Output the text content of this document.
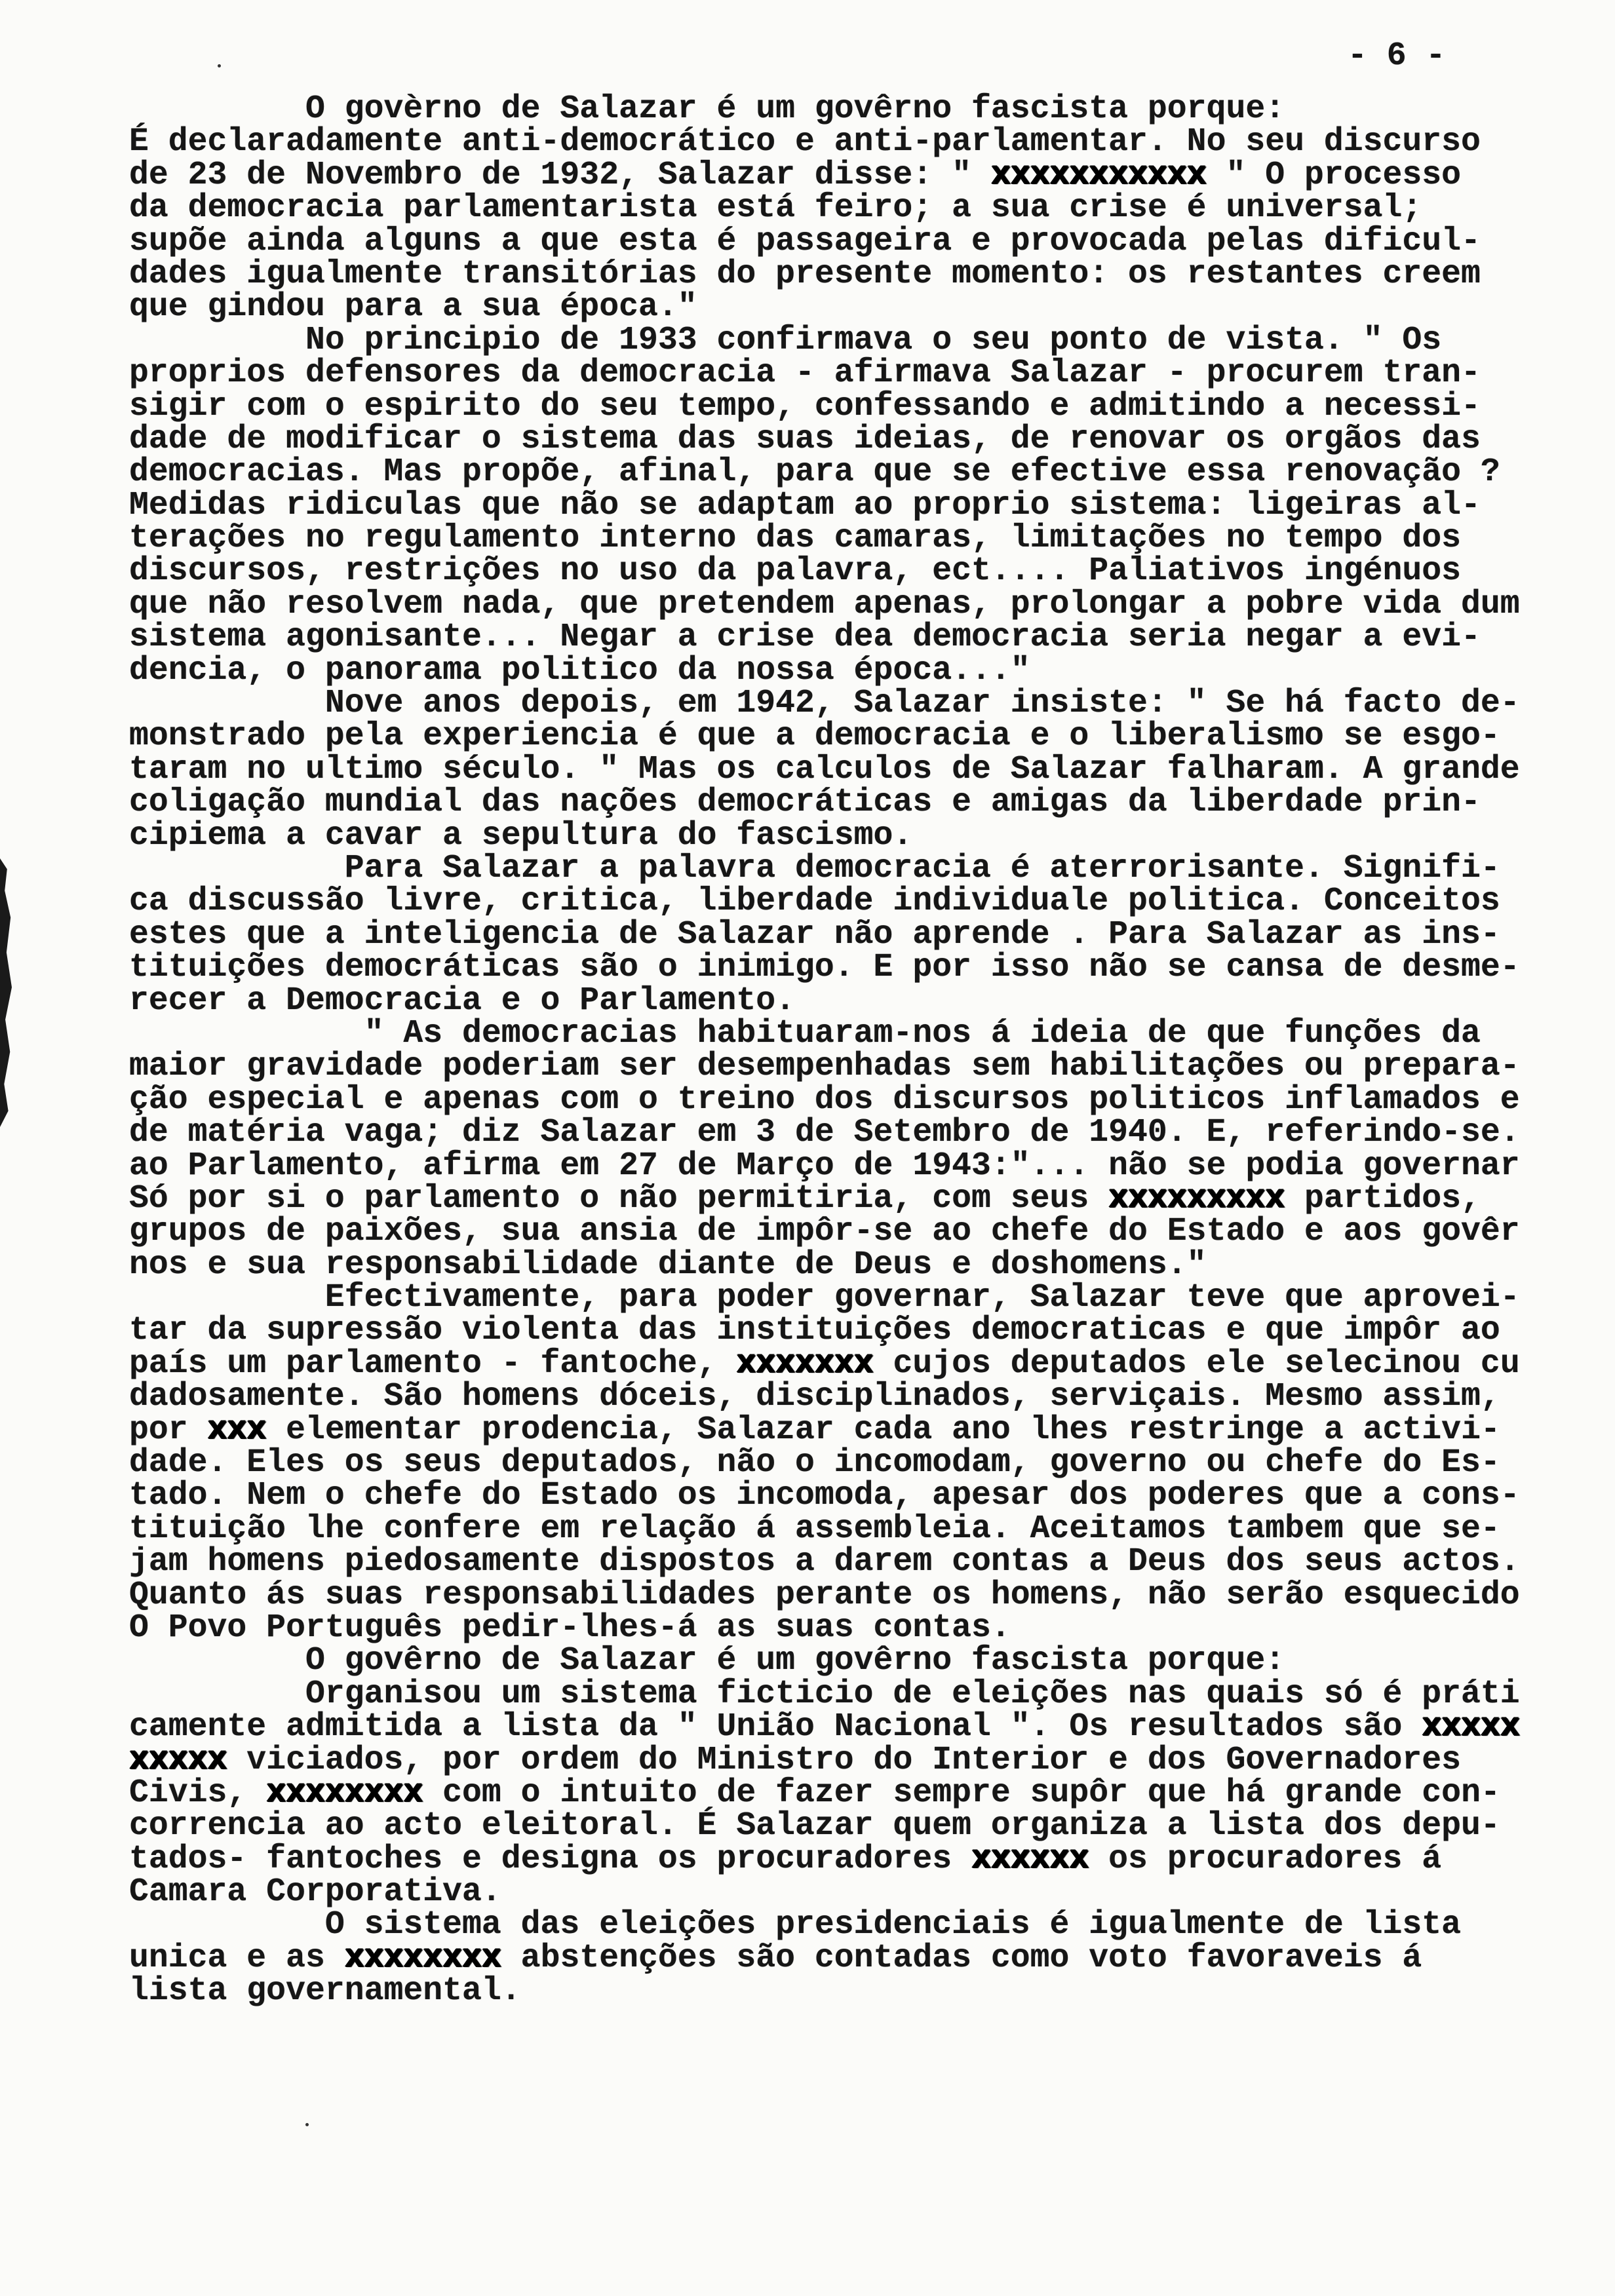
- 6 -
O govèrno de Salazar é um govêrno fascista porque:
É declaradamente anti-democrático e anti-parlamentar. No seu discurso
de 23 de Novembro de 1932, Salazar disse: " xxxxxxxxxxx " O processo
da democracia parlamentarista está feiro; a sua crise é universal;
supõe ainda alguns a que esta é passageira e provocada pelas dificul-
dades igualmente transitórias do presente momento: os restantes creem
que gindou para a sua época."
No principio de 1933 confirmava o seu ponto de vista. " Os
proprios defensores da democracia - afirmava Salazar - procurem tran-
sigir com o espirito do seu tempo, confessando e admitindo a necessi-
dade de modificar o sistema das suas ideias, de renovar os orgãos das
democracias. Mas propõe, afinal, para que se efective essa renovação ?
Medidas ridiculas que não se adaptam ao proprio sistema: ligeiras al-
terações no regulamento interno das camaras, limitações no tempo dos
discursos, restrições no uso da palavra, ect.... Paliativos ingénuos
que não resolvem nada, que pretendem apenas, prolongar a pobre vida dum
sistema agonisante... Negar a crise dea democracia seria negar a evi-
dencia, o panorama politico da nossa época..."
Nove anos depois, em 1942, Salazar insiste: " Se há facto de-
monstrado pela experiencia é que a democracia e o liberalismo se esgo-
taram no ultimo século. " Mas os calculos de Salazar falharam. A grande
coligação mundial das nações democráticas e amigas da liberdade prin-
cipiema a cavar a sepultura do fascismo.
Para Salazar a palavra democracia é aterrorisante. Signifi-
ca discussão livre, critica, liberdade individuale politica. Conceitos
estes que a inteligencia de Salazar não aprende . Para Salazar as ins-
tituições democráticas são o inimigo. E por isso não se cansa de desme-
recer a Democracia e o Parlamento.
" As democracias habituaram-nos á ideia de que funções da
maior gravidade poderiam ser desempenhadas sem habilitações ou prepara-
ção especial e apenas com o treino dos discursos politicos inflamados e
de matéria vaga; diz Salazar em 3 de Setembro de 1940. E, referindo-se.
ao Parlamento, afirma em 27 de Março de 1943:"... não se podia governar
Só por si o parlamento o não permitiria, com seus xxxxxxxxx partidos,
grupos de paixões, sua ansia de impôr-se ao chefe do Estado e aos govêr
nos e sua responsabilidade diante de Deus e doshomens."
Efectivamente, para poder governar, Salazar teve que aprovei-
tar da supressão violenta das instituições democraticas e que impôr ao
país um parlamento - fantoche, xxxxxxx cujos deputados ele selecinou cu
dadosamente. São homens dóceis, disciplinados, serviçais. Mesmo assim,
por xxx elementar prodencia, Salazar cada ano lhes restringe a activi-
dade. Eles os seus deputados, não o incomodam, governo ou chefe do Es-
tado. Nem o chefe do Estado os incomoda, apesar dos poderes que a cons-
tituição lhe confere em relação á assembleia. Aceitamos tambem que se-
jam homens piedosamente dispostos a darem contas a Deus dos seus actos.
Quanto ás suas responsabilidades perante os homens, não serão esquecido
O Povo Português pedir-lhes-á as suas contas.
O govêrno de Salazar é um govêrno fascista porque:
Organisou um sistema ficticio de eleições nas quais só é práti
camente admitida a lista da " União Nacional ". Os resultados são xxxxx
xxxxx viciados, por ordem do Ministro do Interior e dos Governadores
Civis, xxxxxxxx com o intuito de fazer sempre supôr que há grande con-
correncia ao acto eleitoral. É Salazar quem organiza a lista dos depu-
tados- fantoches e designa os procuradores xxxxxx os procuradores á
Camara Corporativa.
O sistema das eleições presidenciais é igualmente de lista
unica e as xxxxxxxx abstenções são contadas como voto favoraveis á
lista governamental.
